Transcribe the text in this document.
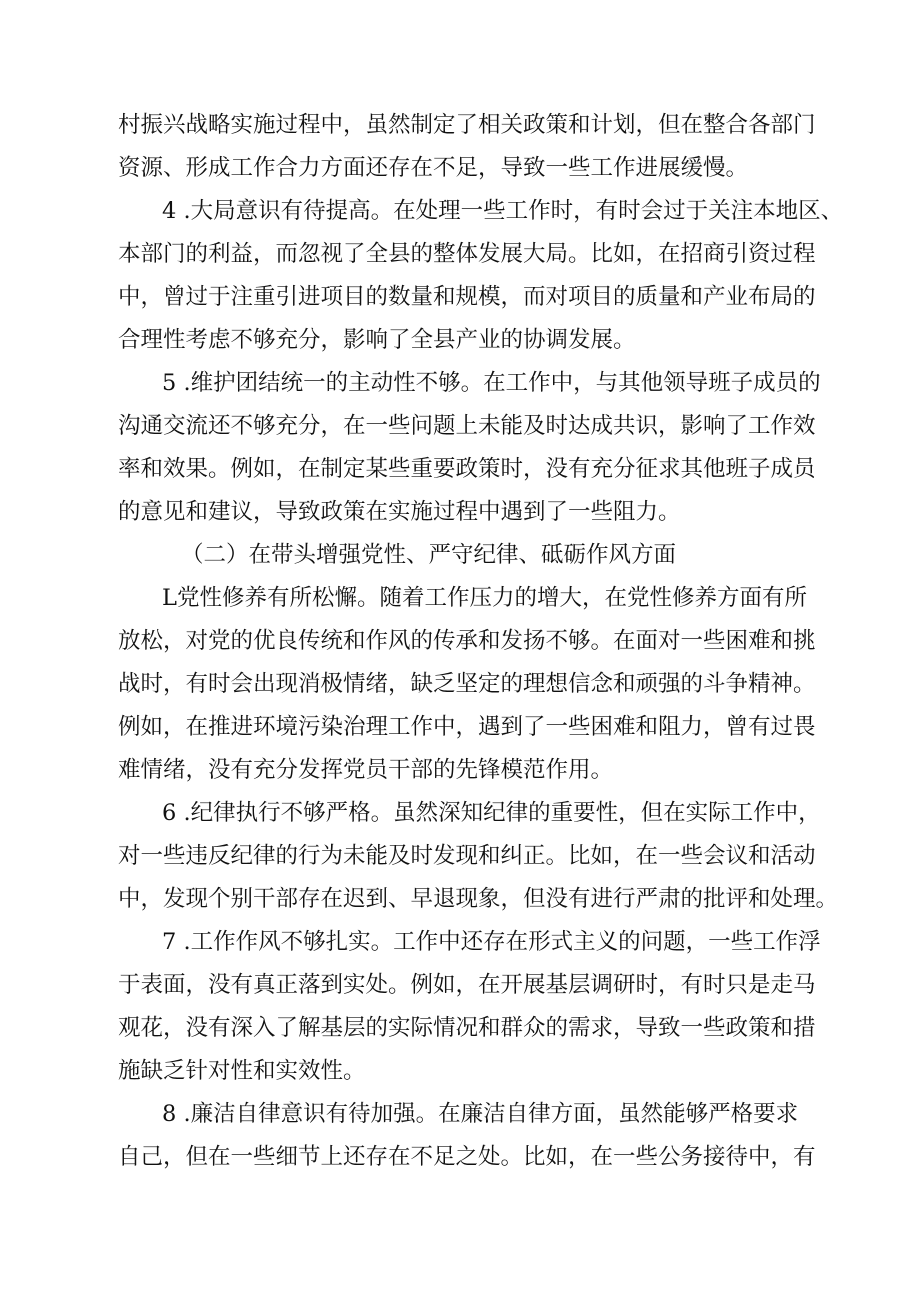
村振兴战略实施过程中，虽然制定了相关政策和计划，但在整合各部门
资源、形成工作合力方面还存在不足，导致一些工作进展缓慢。
4 .大局意识有待提高。在处理一些工作时，有时会过于关注本地区、
本部门的利益，而忽视了全县的整体发展大局。比如，在招商引资过程
中，曾过于注重引进项目的数量和规模，而对项目的质量和产业布局的
合理性考虑不够充分，影响了全县产业的协调发展。
5 .维护团结统一的主动性不够。在工作中，与其他领导班子成员的
沟通交流还不够充分，在一些问题上未能及时达成共识，影响了工作效
率和效果。例如，在制定某些重要政策时，没有充分征求其他班子成员
的意见和建议，导致政策在实施过程中遇到了一些阻力。
（二）在带头增强党性、严守纪律、砥砺作风方面
L党性修养有所松懈。随着工作压力的增大，在党性修养方面有所
放松，对党的优良传统和作风的传承和发扬不够。在面对一些困难和挑
战时，有时会出现消极情绪，缺乏坚定的理想信念和顽强的斗争精神。
例如，在推进环境污染治理工作中，遇到了一些困难和阻力，曾有过畏
难情绪，没有充分发挥党员干部的先锋模范作用。
6 .纪律执行不够严格。虽然深知纪律的重要性，但在实际工作中，
对一些违反纪律的行为未能及时发现和纠正。比如，在一些会议和活动
中，发现个别干部存在迟到、早退现象，但没有进行严肃的批评和处理。
7 .工作作风不够扎实。工作中还存在形式主义的问题，一些工作浮
于表面，没有真正落到实处。例如，在开展基层调研时，有时只是走马
观花，没有深入了解基层的实际情况和群众的需求，导致一些政策和措
施缺乏针对性和实效性。
8 .廉洁自律意识有待加强。在廉洁自律方面，虽然能够严格要求
自己，但在一些细节上还存在不足之处。比如，在一些公务接待中，有
